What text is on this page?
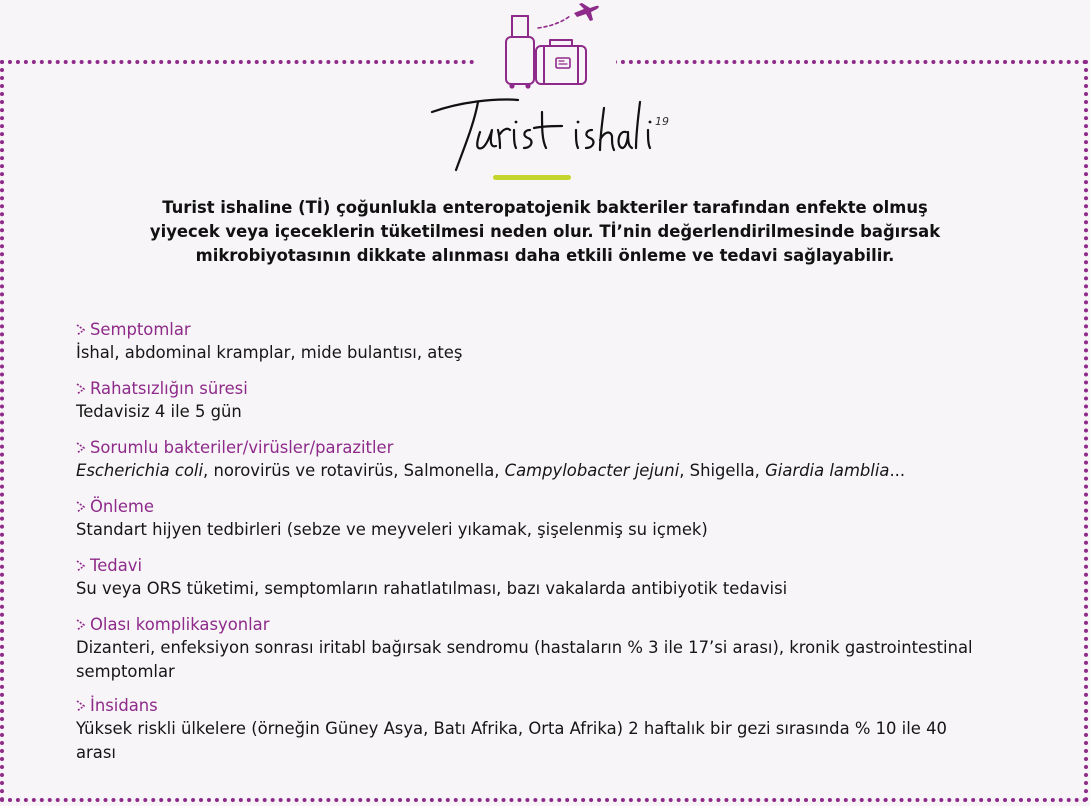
19
Turist ishaline (Tİ) çoğunlukla enteropatojenik bakteriler tarafından enfekte olmuş
yiyecek veya içeceklerin tüketilmesi neden olur. Tİ’nin değerlendirilmesinde bağırsak
mikrobiyotasının dikkate alınması daha etkili önleme ve tedavi sağlayabilir.
Semptomlar
İshal, abdominal kramplar, mide bulantısı, ateş
Rahatsızlığın süresi
Tedavisiz 4 ile 5 gün
Sorumlu bakteriler/virüsler/parazitler
Escherichia coli, norovirüs ve rotavirüs, Salmonella, Campylobacter jejuni, Shigella, Giardia lamblia...
Önleme
Standart hijyen tedbirleri (sebze ve meyveleri yıkamak, şişelenmiş su içmek)
Tedavi
Su veya ORS tüketimi, semptomların rahatlatılması, bazı vakalarda antibiyotik tedavisi
Olası komplikasyonlar
Dizanteri, enfeksiyon sonrası iritabl bağırsak sendromu (hastaların % 3 ile 17’si arası), kronik gastrointestinal
semptomlar
İnsidans
Yüksek riskli ülkelere (örneğin Güney Asya, Batı Afrika, Orta Afrika) 2 haftalık bir gezi sırasında % 10 ile 40
arası
